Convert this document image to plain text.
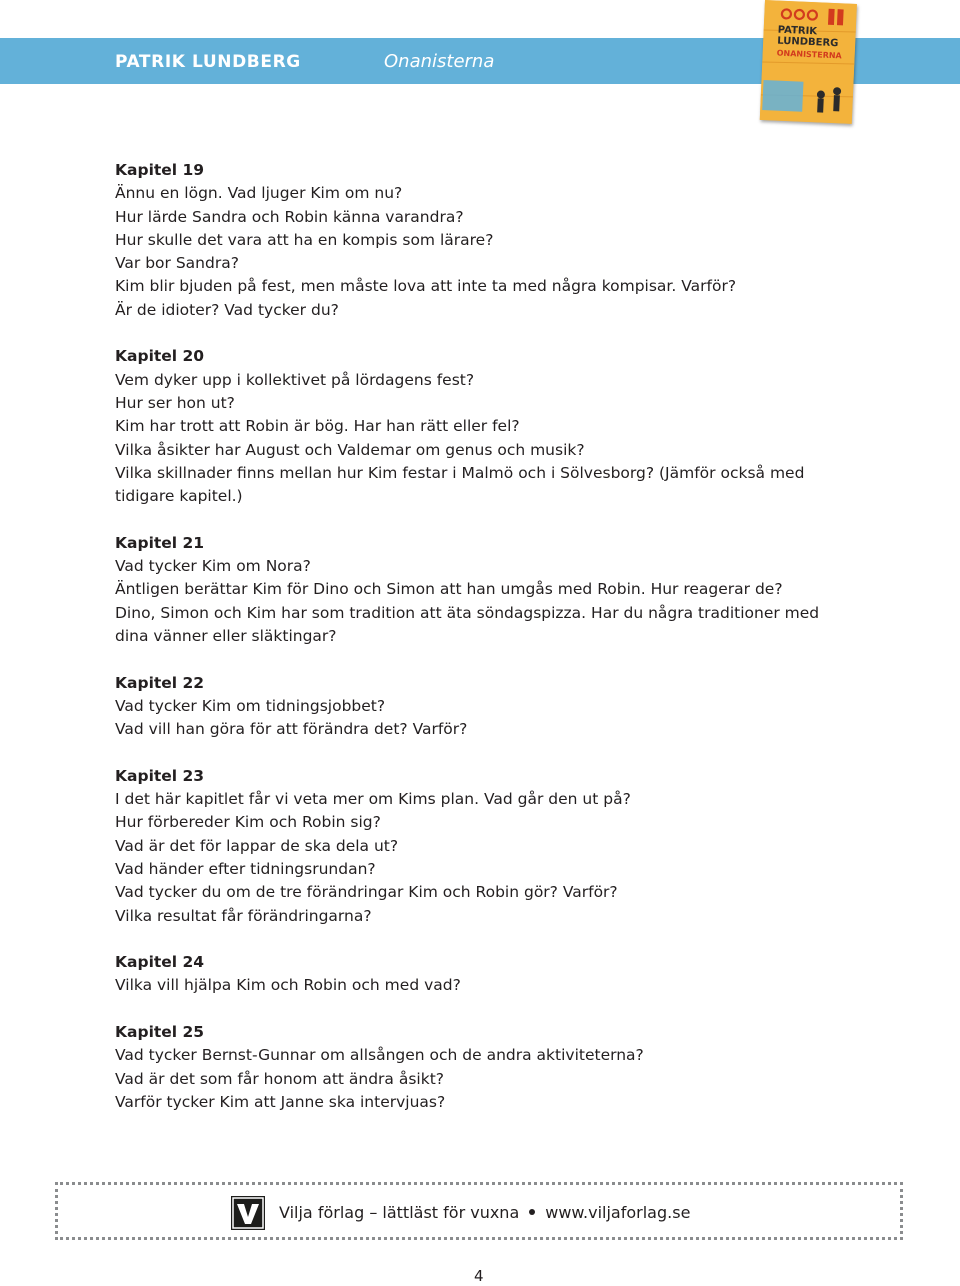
PATRIK LUNDBERG	Onanisterna
PATRIK LUNDBERG
ONANISTERNA
Kapitel 19
Ännu en lögn. Vad ljuger Kim om nu?
Hur lärde Sandra och Robin känna varandra?
Hur skulle det vara att ha en kompis som lärare?
Var bor Sandra?
Kim blir bjuden på fest, men måste lova att inte ta med några kompisar. Varför?
Är de idioter? Vad tycker du?
Kapitel 20
Vem dyker upp i kollektivet på lördagens fest?
Hur ser hon ut?
Kim har trott att Robin är bög. Har han rätt eller fel?
Vilka åsikter har August och Valdemar om genus och musik?
Vilka skillnader finns mellan hur Kim festar i Malmö och i Sölvesborg? (Jämför också med
tidigare kapitel.)
Kapitel 21
Vad tycker Kim om Nora?
Äntligen berättar Kim för Dino och Simon att han umgås med Robin. Hur reagerar de?
Dino, Simon och Kim har som tradition att äta söndagspizza. Har du några traditioner med
dina vänner eller släktingar?
Kapitel 22
Vad tycker Kim om tidningsjobbet?
Vad vill han göra för att förändra det? Varför?
Kapitel 23
I det här kapitlet får vi veta mer om Kims plan. Vad går den ut på?
Hur förbereder Kim och Robin sig?
Vad är det för lappar de ska dela ut?
Vad händer efter tidningsrundan?
Vad tycker du om de tre förändringar Kim och Robin gör? Varför?
Vilka resultat får förändringarna?
Kapitel 24
Vilka vill hjälpa Kim och Robin och med vad?
Kapitel 25
Vad tycker Bernst-Gunnar om allsången och de andra aktiviteterna?
Vad är det som får honom att ändra åsikt?
Varför tycker Kim att Janne ska intervjuas?
Vilja förlag – lättläst för vuxna www.viljaforlag.se
4
